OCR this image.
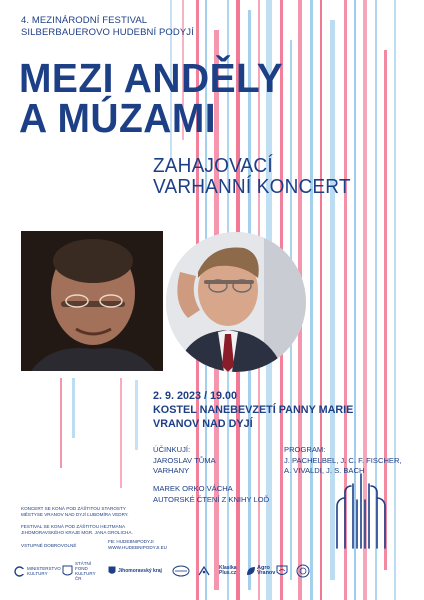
4. MEZINÁRODNÍ FESTIVAL
SILBERBAUEROVO HUDEBNÍ PODYJÍ
MEZI ANDĚLY
A MÚZAMI
ZAHAJOVACÍ
VARHANNÍ KONCERT
2. 9. 2023 / 19.00
KOSTEL NANEBEVZETÍ PANNY MARIE
VRANOV NAD DYJÍ
ÚČINKUJÍ:
JAROSLAV TŮMA
VARHANY
PROGRAM:
J. PACHELBEL, J. C. F. FISCHER,
A. VIVALDI, J. S. BACH
MAREK ORKO VÁCHA
AUTORSKÉ ČTENÍ Z KNIHY LOĎ
KONCERT SE KONÁ POD ZÁŠTITOU STAROSTY
MĚSTYSE VRANOV NAD DYJÍ ĽUBOMÍRA VEDRY.
FESTIVAL SE KONÁ POD ZÁŠTITOU HEJTMANA
JIHOMORAVSKÉHO KRAJE MGR. JANA GROLICHA.
VSTUPNÉ DOBROVOLNÉ
FB: HUDEBNIPODYJI
WWW.HUDEBNIPODYJI.EU
MINISTERSTVO KULTURY
STÁTNÍ FOND KULTURY ČR
Jihomoravský kraj	Klasika Plus.cz
Agro Vranov
